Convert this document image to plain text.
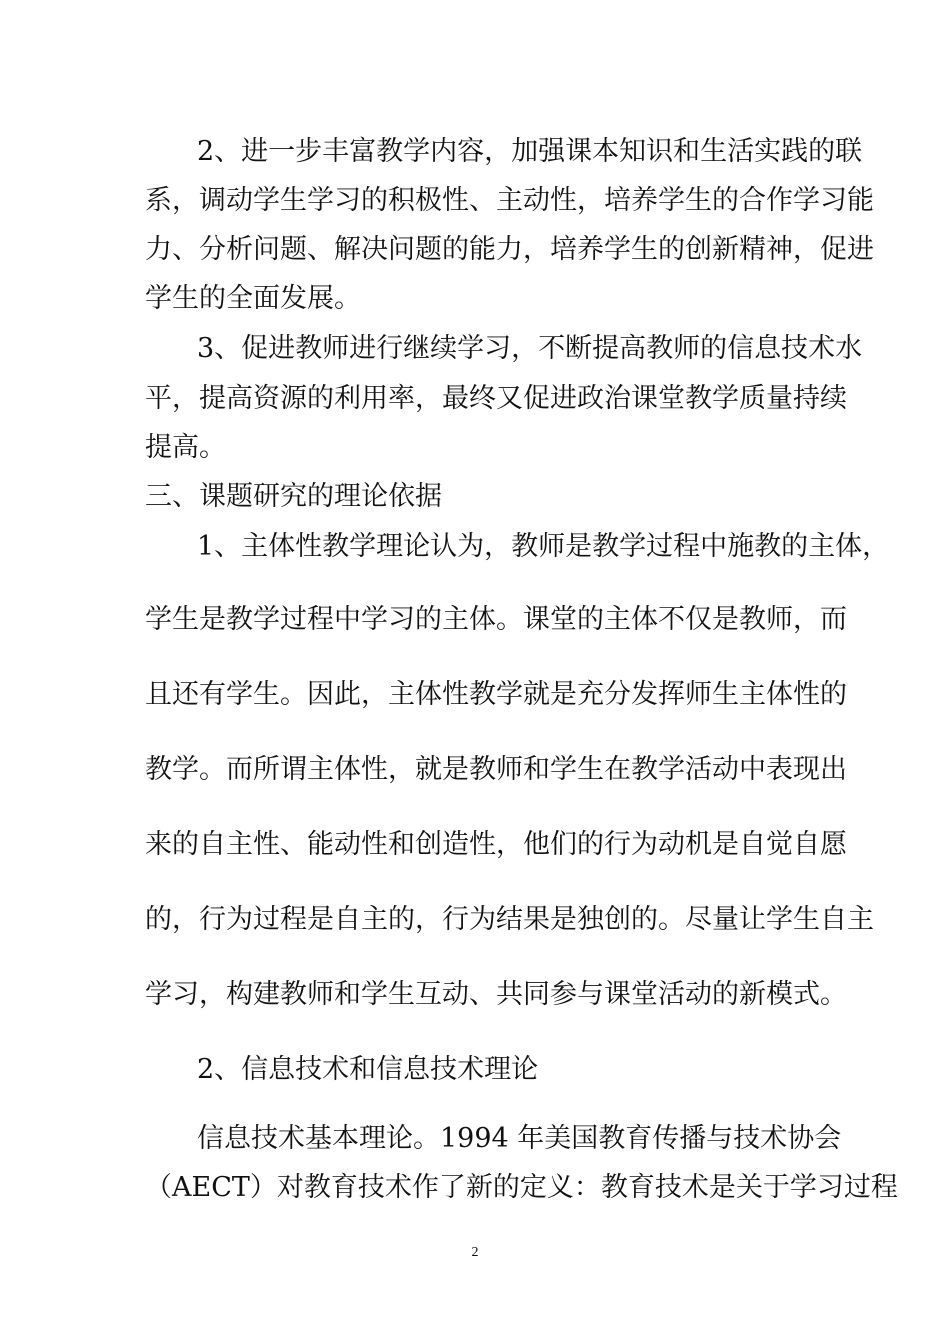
2、进一步丰富教学内容，加强课本知识和生活实践的联
系，调动学生学习的积极性、主动性，培养学生的合作学习能
力、分析问题、解决问题的能力，培养学生的创新精神，促进
学生的全面发展。
3、促进教师进行继续学习，不断提高教师的信息技术水
平，提高资源的利用率，最终又促进政治课堂教学质量持续
提高。
三、课题研究的理论依据
1、主体性教学理论认为，教师是教学过程中施教的主体，
学生是教学过程中学习的主体。课堂的主体不仅是教师，而
且还有学生。因此，主体性教学就是充分发挥师生主体性的
教学。而所谓主体性，就是教师和学生在教学活动中表现出
来的自主性、能动性和创造性，他们的行为动机是自觉自愿
的，行为过程是自主的，行为结果是独创的。尽量让学生自主
学习，构建教师和学生互动、共同参与课堂活动的新模式。
2、信息技术和信息技术理论
信息技术基本理论。1994 年美国教育传播与技术协会
（AECT）对教育技术作了新的定义：教育技术是关于学习过程
2
